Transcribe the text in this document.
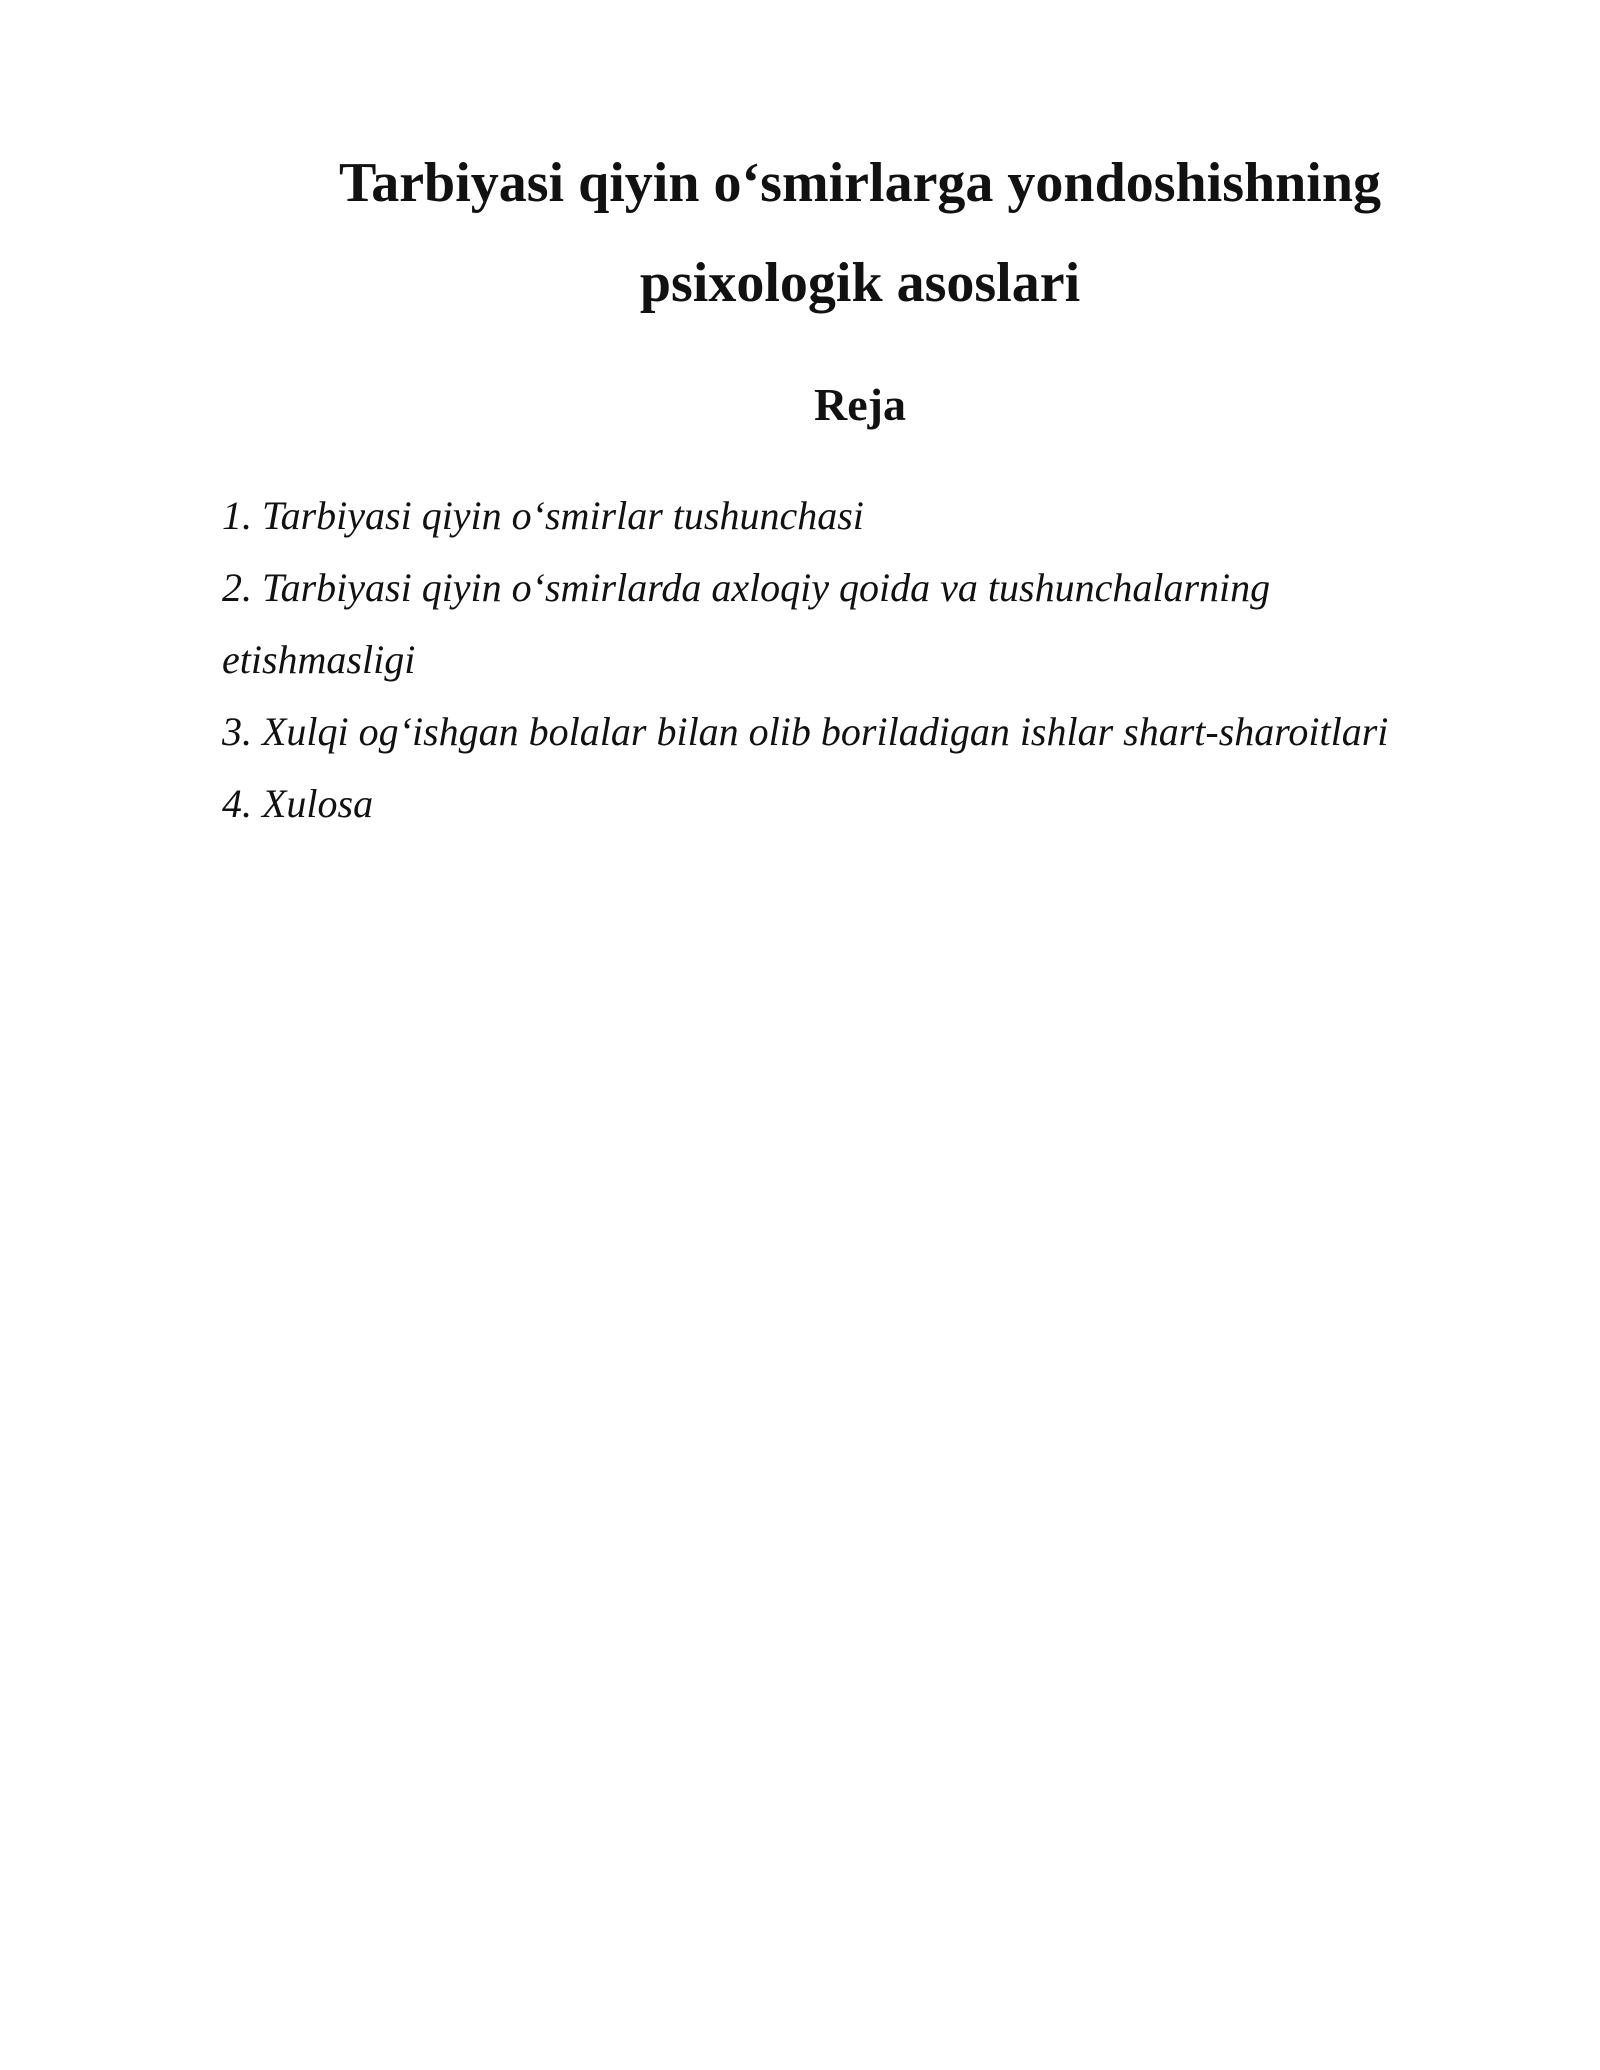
Tarbiyasi qiyin o‘smirlarga yondoshishning
psixologik asoslari
Reja
1. Tarbiyasi qiyin o‘smirlar tushunchasi
2. Tarbiyasi qiyin o‘smirlarda axloqiy qoida va tushunchalarning
etishmasligi
3. Xulqi og‘ishgan bolalar bilan olib boriladigan ishlar shart-sharoitlari
4. Xulosa
